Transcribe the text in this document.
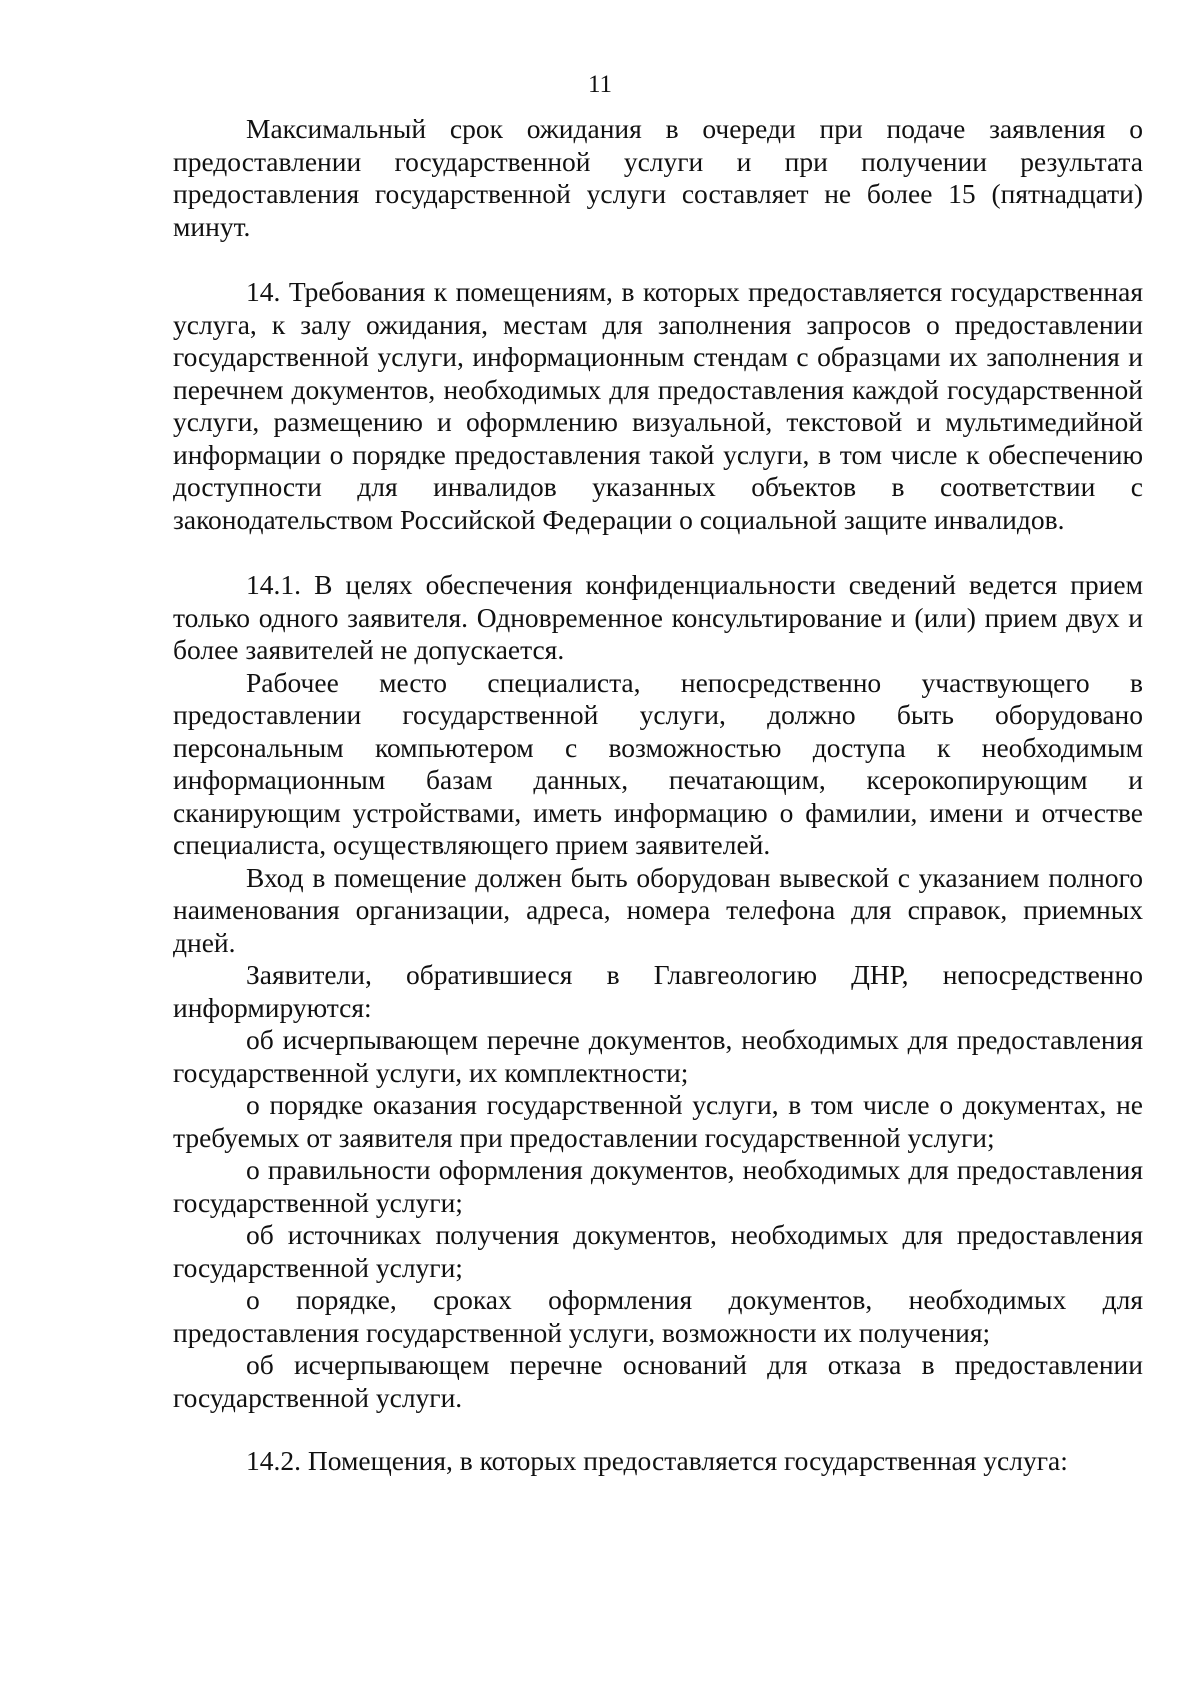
11

Максимальный срок ожидания в очереди при подаче заявления о предоставлении государственной услуги и при получении результата предоставления государственной услуги составляет не более 15 (пятнадцати) минут.

14. Требования к помещениям, в которых предоставляется государственная услуга, к залу ожидания, местам для заполнения запросов о предоставлении государственной услуги, информационным стендам с образцами их заполнения и перечнем документов, необходимых для предоставления каждой государственной услуги, размещению и оформлению визуальной, текстовой и мультимедийной информации о порядке предоставления такой услуги, в том числе к обеспечению доступности для инвалидов указанных объектов в соответствии с законодательством Российской Федерации о социальной защите инвалидов.

14.1. В целях обеспечения конфиденциальности сведений ведется прием только одного заявителя. Одновременное консультирование и (или) прием двух и более заявителей не допускается.

Рабочее место специалиста, непосредственно участвующего в предоставлении государственной услуги, должно быть оборудовано персональным компьютером с возможностью доступа к необходимым информационным базам данных, печатающим, ксерокопирующим и сканирующим устройствами, иметь информацию о фамилии, имени и отчестве специалиста, осуществляющего прием заявителей.

Вход в помещение должен быть оборудован вывеской с указанием полного наименования организации, адреса, номера телефона для справок, приемных дней.

Заявители, обратившиеся в Главгеологию ДНР, непосредственно информируются:

об исчерпывающем перечне документов, необходимых для предоставления государственной услуги, их комплектности;

о порядке оказания государственной услуги, в том числе о документах, не требуемых от заявителя при предоставлении государственной услуги;

о правильности оформления документов, необходимых для предоставления государственной услуги;

об источниках получения документов, необходимых для предоставления государственной услуги;

о порядке, сроках оформления документов, необходимых для предоставления государственной услуги, возможности их получения;

об исчерпывающем перечне оснований для отказа в предоставлении государственной услуги.

14.2. Помещения, в которых предоставляется государственная услуга:
